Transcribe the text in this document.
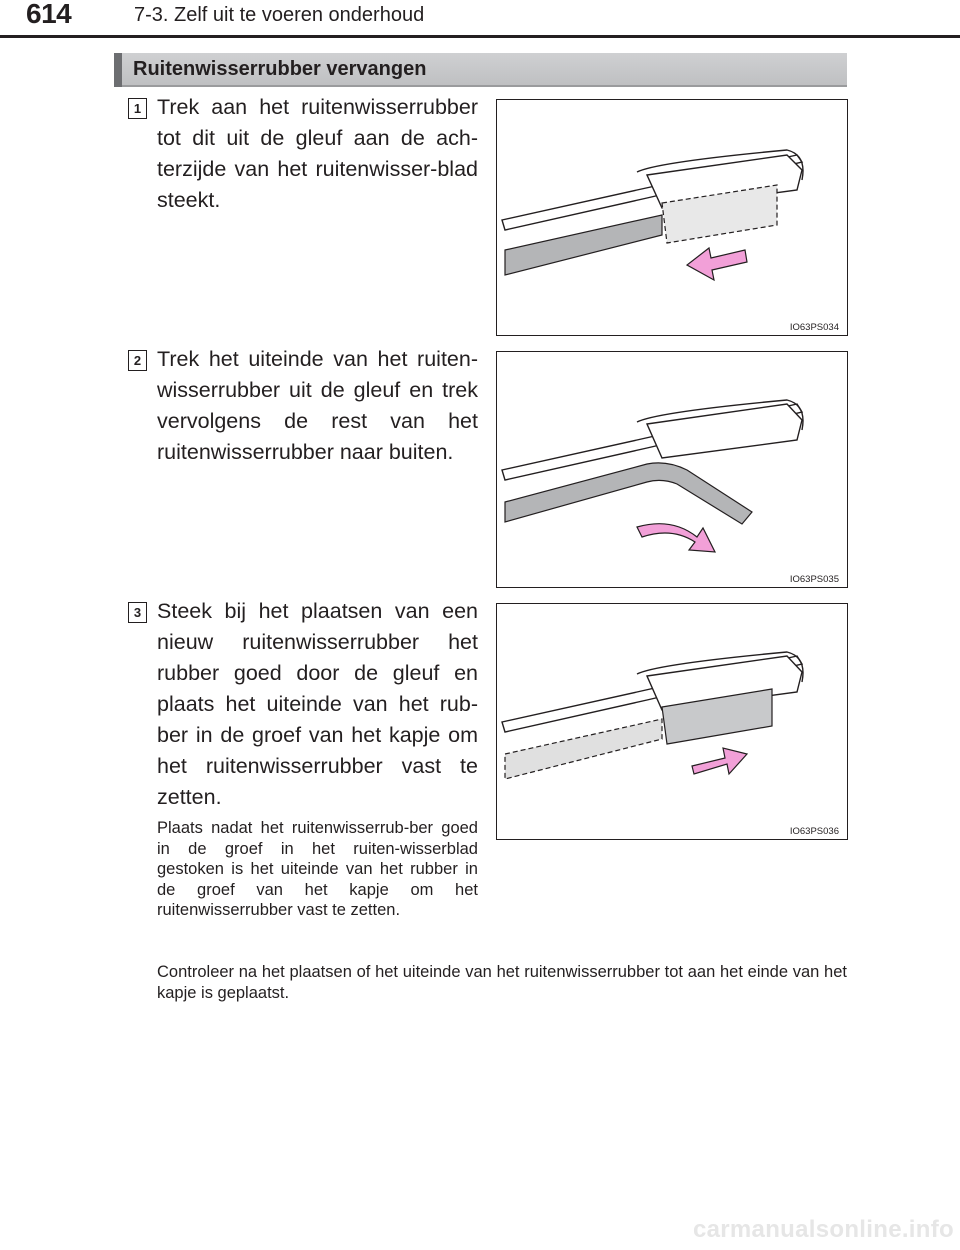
614	7-3. Zelf uit te voeren onderhoud
Ruitenwisserrubber vervangen
1 Trek aan het ruitenwisserrubber tot dit uit de gleuf aan de ach-terzijde van het ruitenwisser-blad steekt.
IO63PS034
2 Trek het uiteinde van het ruiten-wisserrubber uit de gleuf en trek vervolgens de rest van het ruitenwisserrubber naar buiten.
IO63PS035
3 Steek bij het plaatsen van een nieuw ruitenwisserrubber het rubber goed door de gleuf en plaats het uiteinde van het rub-ber in de groef van het kapje om het ruitenwisserrubber vast te zetten.
Plaats nadat het ruitenwisserrub-ber goed in de groef in het ruiten-wisserblad gestoken is het uiteinde van het rubber in de groef van het kapje om het ruitenwisserrubber vast te zetten.
IO63PS036
Controleer na het plaatsen of het uiteinde van het ruitenwisserrubber tot aan het einde van het kapje is geplaatst.
carmanualsonline.info
